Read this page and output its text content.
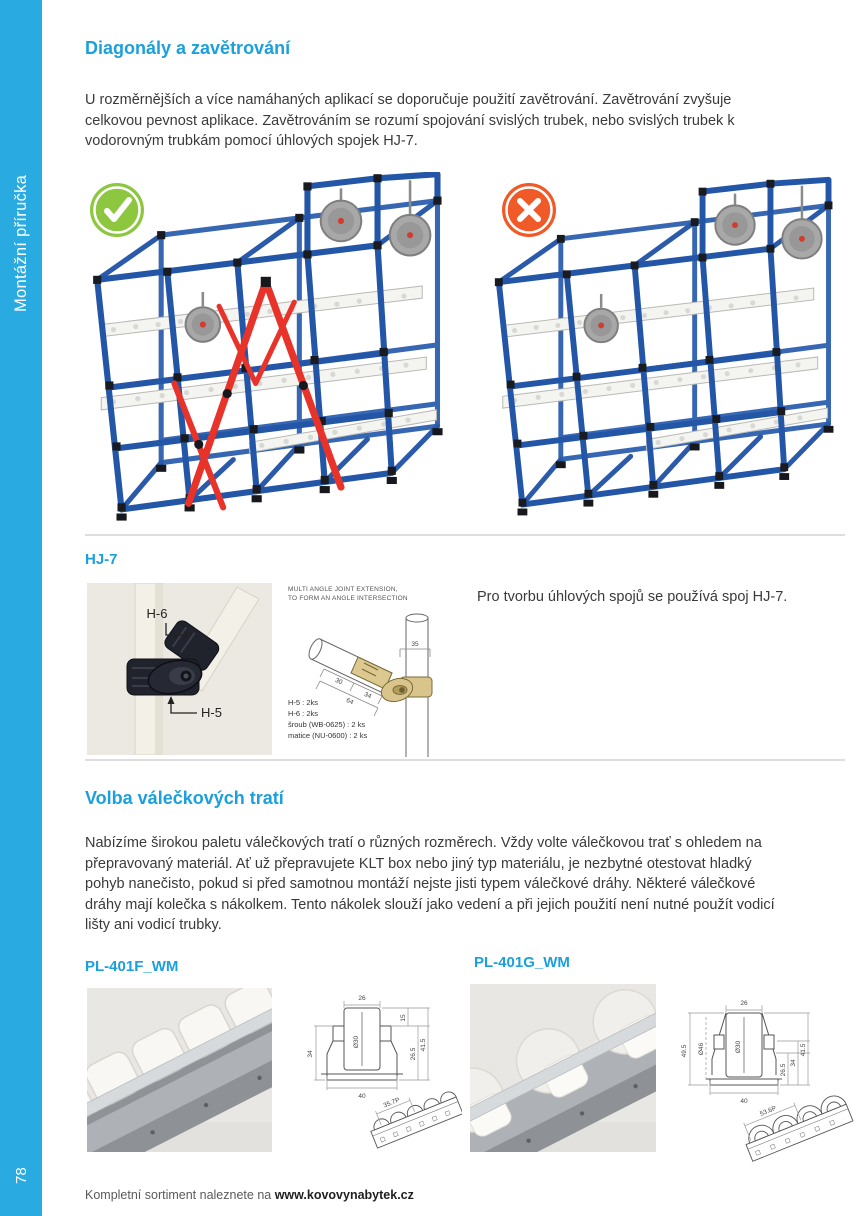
Montážní příručka
78
Diagonály a zavětrování
U rozměrnějších a více namáhaných aplikací se doporučuje použití zavětrování. Zavětrování zvyšuje celkovou pevnost aplikace. Zavětrováním se rozumí spojování svislých trubek, nebo svislých trubek k vodorovným trubkám pomocí úhlových spojek HJ-7.
HJ-7
H-6
H-5
MULTI ANGLE JOINT EXTENSION,
TO FORM AN ANGLE INTERSECTION
35
30
34
64
H-5 : 2ks
H-6 : 2ks
šroub (WB-0625) : 2 ks
matice (NU-0600) : 2 ks
Pro tvorbu úhlových spojů se používá spoj HJ-7.
Volba válečkových tratí
Nabízíme širokou paletu válečkových tratí o různých rozměrech. Vždy volte válečkovou trať s ohledem na přepravovaný materiál. Ať už přepravujete KLT box nebo jiný typ materiálu, je nezbytné otestovat hladký pohyb nanečisto, pokud si před samotnou montáží nejste jisti typem válečkové dráhy. Některé válečkové dráhy mají kolečka s nákolkem. Tento nákolek slouží jako vedení a při jejich použití není nutné použít vodicí lišty ani vodicí trubky.
PL-401F_WM	PL-401G_WM
26
Ø30
34
15
26.5
41.5
40
35.7P
26
49.5 Ø46	Ø30
26.5
34
41.5
40
53.6P
Kompletní sortiment naleznete na www.kovovynabytek.cz
